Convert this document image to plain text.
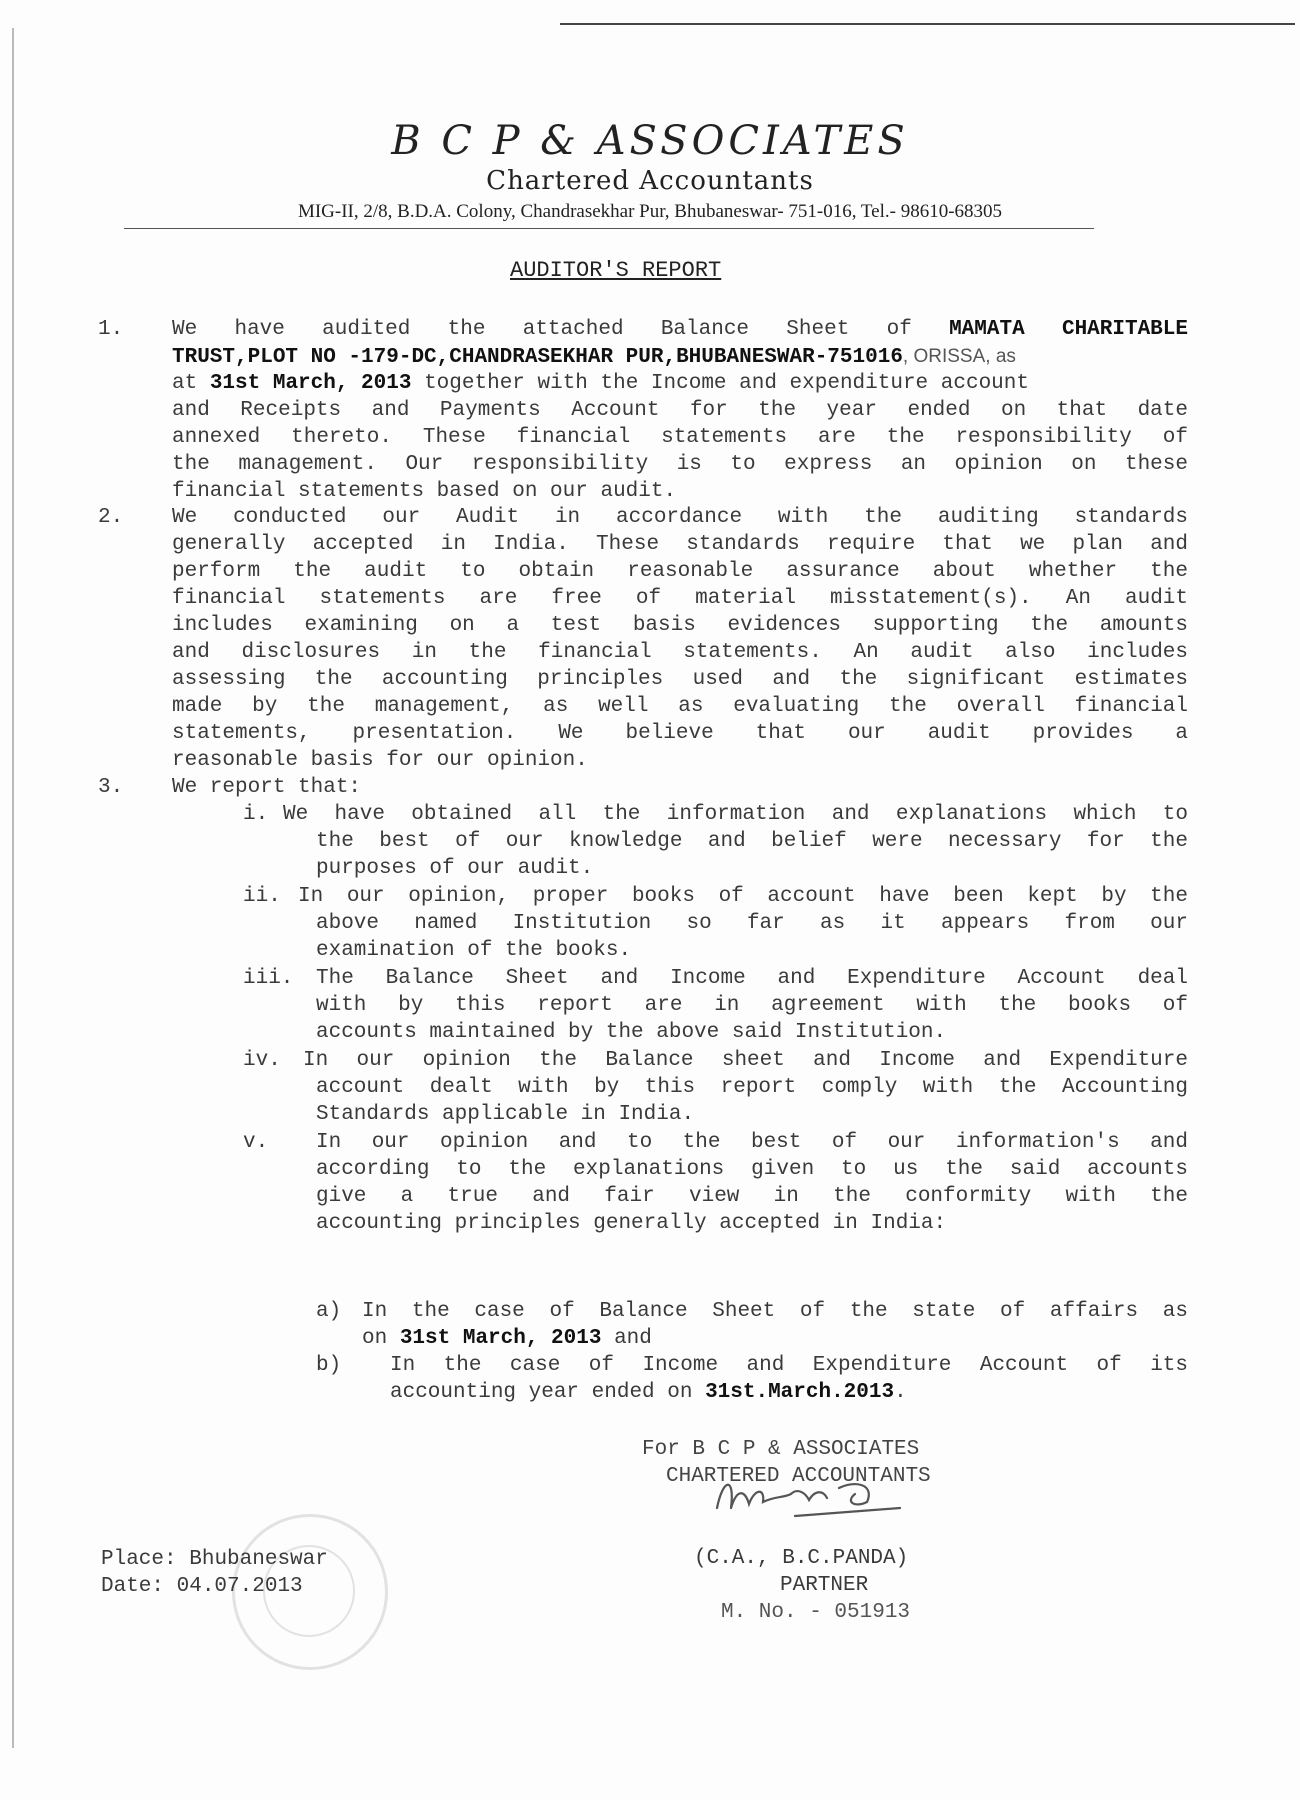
B C P & ASSOCIATES
Chartered Accountants
MIG-II, 2/8, B.D.A. Colony, Chandrasekhar Pur, Bhubaneswar- 751-016, Tel.- 98610-68305
AUDITOR'S REPORT
1. We have audited the attached Balance Sheet of MAMATA CHARITABLE
TRUST,PLOT NO -179-DC,CHANDRASEKHAR PUR,BHUBANESWAR-751016, ORISSA, as
at 31st March, 2013 together with the Income and expenditure account
and Receipts and Payments Account for the year ended on that date
annexed thereto. These financial statements are the responsibility of
the management. Our responsibility is to express an opinion on these
financial statements based on our audit.
2. We conducted our Audit in accordance with the auditing standards
generally accepted in India. These standards require that we plan and
perform the audit to obtain reasonable assurance about whether the
financial statements are free of material misstatement(s). An audit
includes examining on a test basis evidences supporting the amounts
and disclosures in the financial statements. An audit also includes
assessing the accounting principles used and the significant estimates
made by the management, as well as evaluating the overall financial
statements, presentation. We believe that our audit provides a
reasonable basis for our opinion.
3. We report that:
i. We have obtained all the information and explanations which to
the best of our knowledge and belief were necessary for the
purposes of our audit.
ii. In our opinion, proper books of account have been kept by the
above named Institution so far as it appears from our
examination of the books.
iii. The Balance Sheet and Income and Expenditure Account deal
with by this report are in agreement with the books of
accounts maintained by the above said Institution.
iv. In our opinion the Balance sheet and Income and Expenditure
account dealt with by this report comply with the Accounting
Standards applicable in India.
v. In our opinion and to the best of our information's and
according to the explanations given to us the said accounts
give a true and fair view in the conformity with the
accounting principles generally accepted in India:
a) In the case of Balance Sheet of the state of affairs as
on 31st March, 2013 and
b) In the case of Income and Expenditure Account of its
accounting year ended on 31st.March.2013.
For B C P & ASSOCIATES
CHARTERED ACCOUNTANTS
(C.A., B.C.PANDA)
PARTNER
M. No. - 051913
Place: Bhubaneswar
Date: 04.07.2013
